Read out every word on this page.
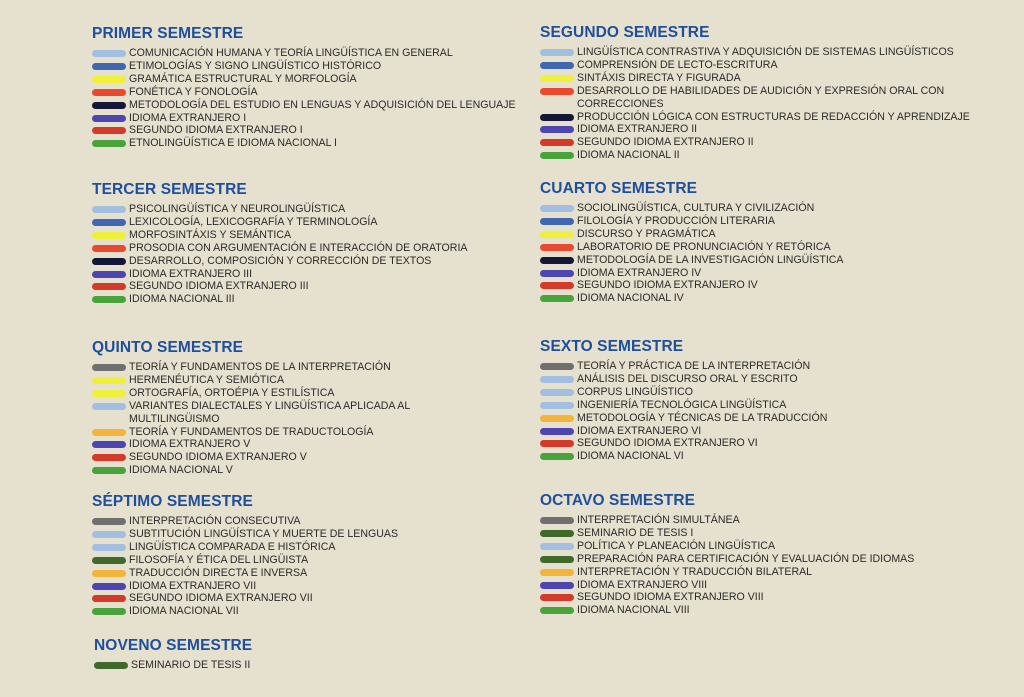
PRIMER SEMESTRE
COMUNICACIÓN HUMANA Y TEORÍA LINGÜÍSTICA EN GENERAL
ETIMOLOGÍAS Y SIGNO LINGÜÍSTICO HISTÓRICO
GRAMÁTICA ESTRUCTURAL Y MORFOLOGÍA
FONÉTICA Y FONOLOGÍA
METODOLOGÍA DEL ESTUDIO EN LENGUAS Y ADQUISICIÓN DEL LENGUAJE
IDIOMA EXTRANJERO I
SEGUNDO IDIOMA EXTRANJERO I
ETNOLINGÜÍSTICA E IDIOMA NACIONAL I
SEGUNDO SEMESTRE
LINGÜÍSTICA CONTRASTIVA Y ADQUISICIÓN DE SISTEMAS LINGÜÍSTICOS
COMPRENSIÓN DE LECTO-ESCRITURA
SINTÁXIS DIRECTA Y FIGURADA
DESARROLLO DE HABILIDADES DE AUDICIÓN Y EXPRESIÓN ORAL CON CORRECCIONES
PRODUCCIÓN LÓGICA CON ESTRUCTURAS DE REDACCIÓN Y APRENDIZAJE
IDIOMA EXTRANJERO II
SEGUNDO IDIOMA EXTRANJERO II
IDIOMA NACIONAL II
TERCER SEMESTRE
PSICOLINGÜÍSTICA Y NEUROLINGÜÍSTICA
LEXICOLOGÍA, LEXICOGRAFÍA Y TERMINOLOGÍA
MORFOSINTÁXIS Y SEMÁNTICA
PROSODIA CON ARGUMENTACIÓN E INTERACCIÓN DE ORATORIA
DESARROLLO, COMPOSICIÓN Y CORRECCIÓN DE TEXTOS
IDIOMA EXTRANJERO III
SEGUNDO IDIOMA EXTRANJERO III
IDIOMA NACIONAL III
CUARTO SEMESTRE
SOCIOLINGÜÍSTICA, CULTURA Y CIVILIZACIÓN
FILOLOGÍA Y PRODUCCIÓN LITERARIA
DISCURSO Y PRAGMÁTICA
LABORATORIO DE PRONUNCIACIÓN Y RETÓRICA
METODOLOGÍA DE LA INVESTIGACIÓN LINGÜÍSTICA
IDIOMA EXTRANJERO IV
SEGUNDO IDIOMA EXTRANJERO IV
IDIOMA NACIONAL IV
QUINTO SEMESTRE
TEORÍA Y FUNDAMENTOS DE LA INTERPRETACIÓN
HERMENÉUTICA Y SEMIÓTICA
ORTOGRAFÍA, ORTOÉPIA Y ESTILÍSTICA
VARIANTES DIALECTALES Y LINGÜÍSTICA APLICADA AL MULTILINGÜISMO
TEORÍA Y FUNDAMENTOS DE TRADUCTOLOGÍA
IDIOMA EXTRANJERO V
SEGUNDO IDIOMA EXTRANJERO V
IDIOMA NACIONAL V
SEXTO SEMESTRE
TEORÍA Y PRÁCTICA DE LA INTERPRETACIÓN
ANÁLISIS DEL DISCURSO ORAL Y ESCRITO
CORPUS LINGÜÍSTICO
INGENIERÍA TECNOLÓGICA LINGÜÍSTICA
METODOLOGÍA Y TÉCNICAS DE LA TRADUCCIÓN
IDIOMA EXTRANJERO VI
SEGUNDO IDIOMA EXTRANJERO VI
IDIOMA NACIONAL VI
SÉPTIMO SEMESTRE
INTERPRETACIÓN CONSECUTIVA
SUBTITUCIÓN LINGÜÍSTICA Y MUERTE DE LENGUAS
LINGÜÍSTICA COMPARADA E HISTÓRICA
FILOSOFÍA Y ÉTICA DEL LINGÜISTA
TRADUCCIÓN DIRECTA E INVERSA
IDIOMA EXTRANJERO VII
SEGUNDO IDIOMA EXTRANJERO VII
IDIOMA NACIONAL VII
OCTAVO SEMESTRE
INTERPRETACIÓN SIMULTÁNEA
SEMINARIO DE TESIS I
POLÍTICA Y PLANEACIÓN LINGÜÍSTICA
PREPARACIÓN PARA CERTIFICACIÓN Y EVALUACIÓN DE IDIOMAS
INTERPRETACIÓN Y TRADUCCIÓN BILATERAL
IDIOMA EXTRANJERO VIII
SEGUNDO IDIOMA EXTRANJERO VIII
IDIOMA NACIONAL VIII
NOVENO SEMESTRE
SEMINARIO DE TESIS II
